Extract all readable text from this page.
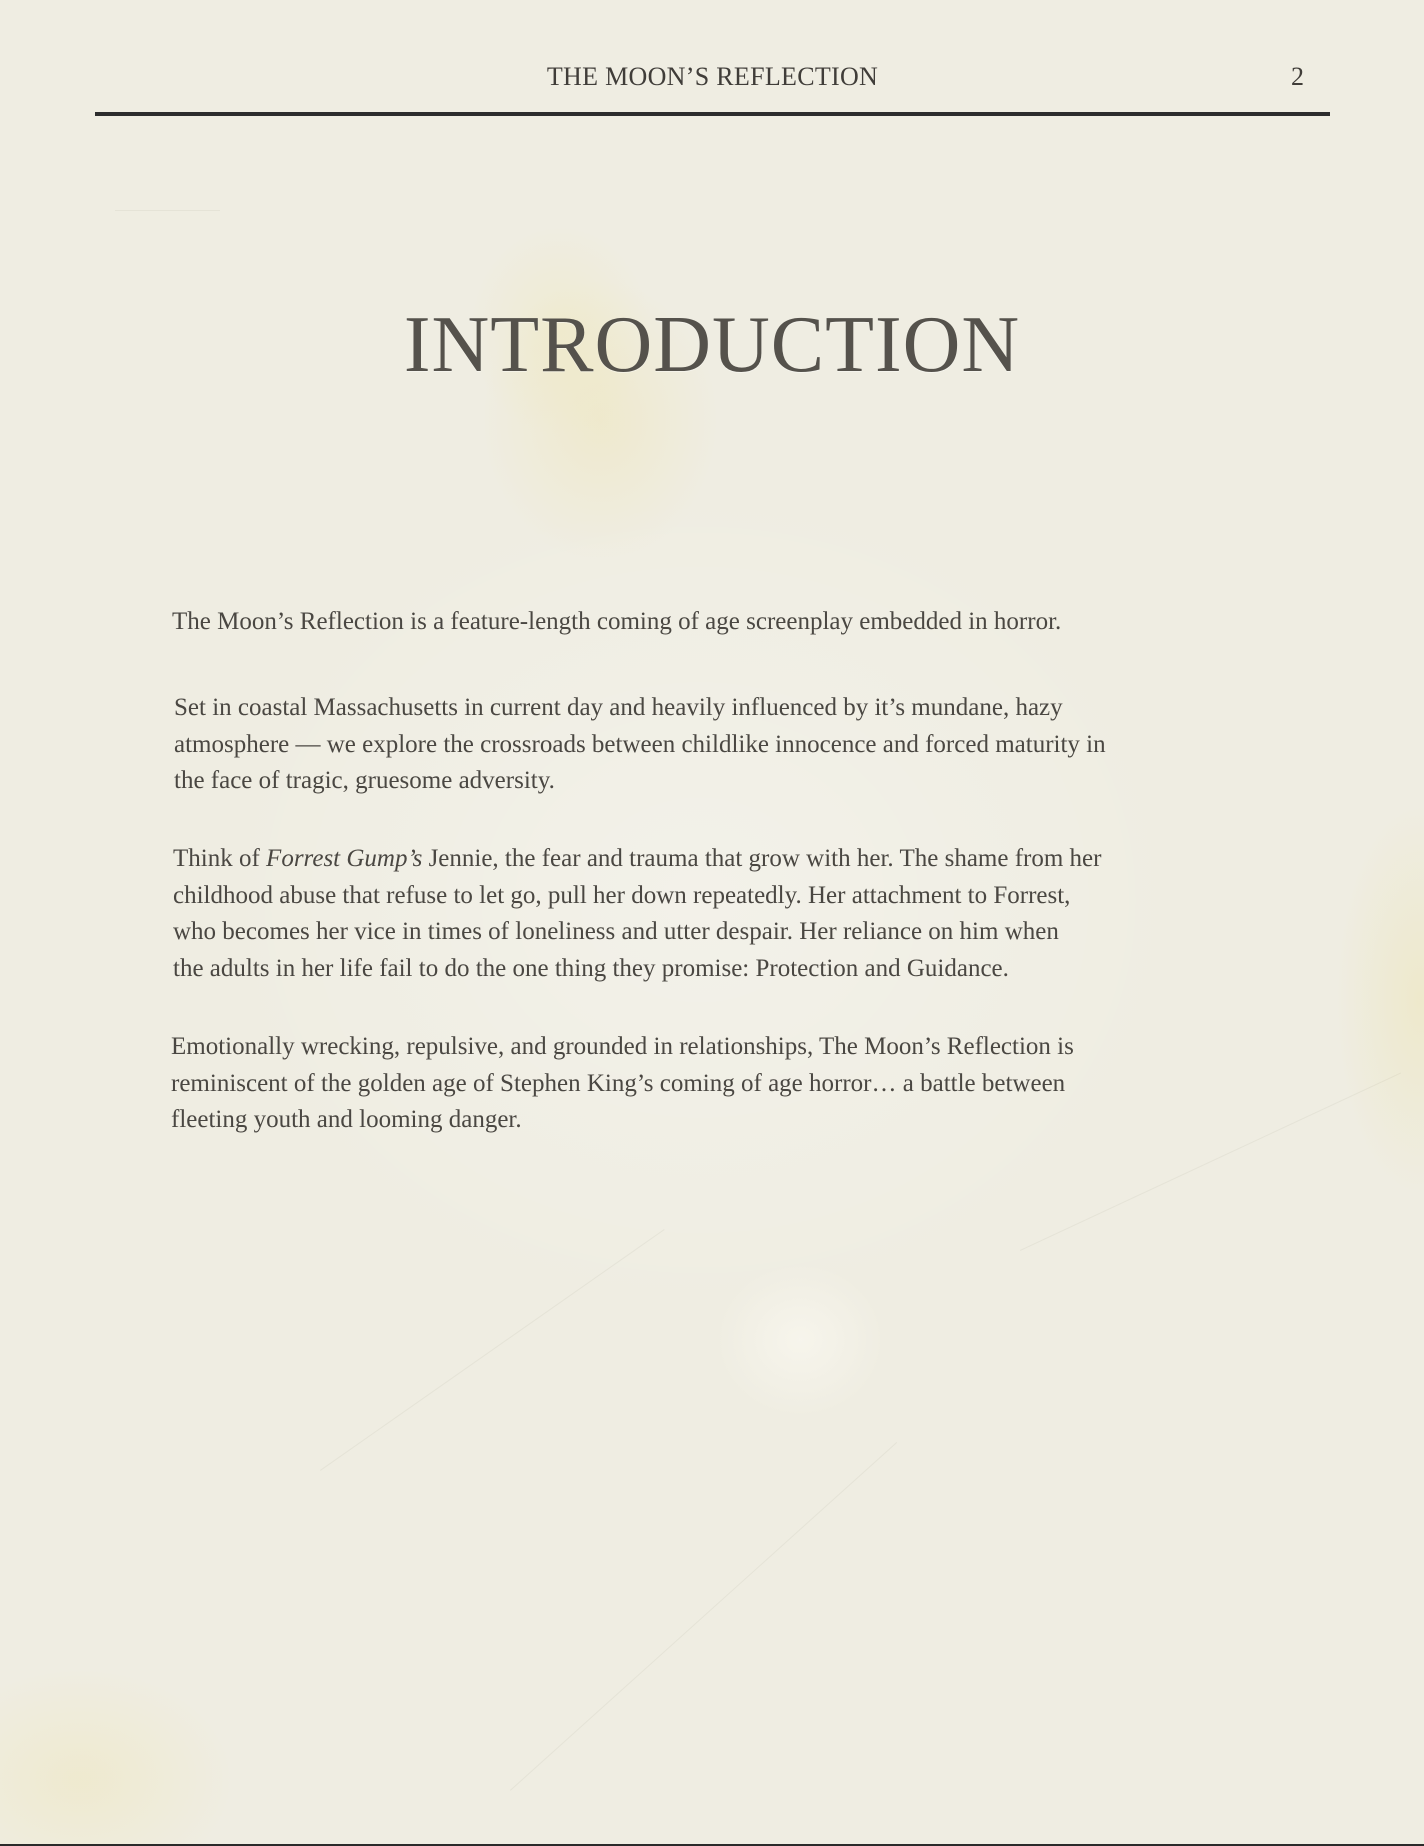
THE MOON’S REFLECTION	2
INTRODUCTION

The Moon’s Reflection is a feature-length coming of age screenplay embedded in horror.

Set in coastal Massachusetts in current day and heavily influenced by it’s mundane, hazy
atmosphere — we explore the crossroads between childlike innocence and forced maturity in
the face of tragic, gruesome adversity.

Think of Forrest Gump’s Jennie, the fear and trauma that grow with her. The shame from her
childhood abuse that refuse to let go, pull her down repeatedly. Her attachment to Forrest,
who becomes her vice in times of loneliness and utter despair. Her reliance on him when
the adults in her life fail to do the one thing they promise: Protection and Guidance.

Emotionally wrecking, repulsive, and grounded in relationships, The Moon’s Reflection is
reminiscent of the golden age of Stephen King’s coming of age horror… a battle between
fleeting youth and looming danger.
